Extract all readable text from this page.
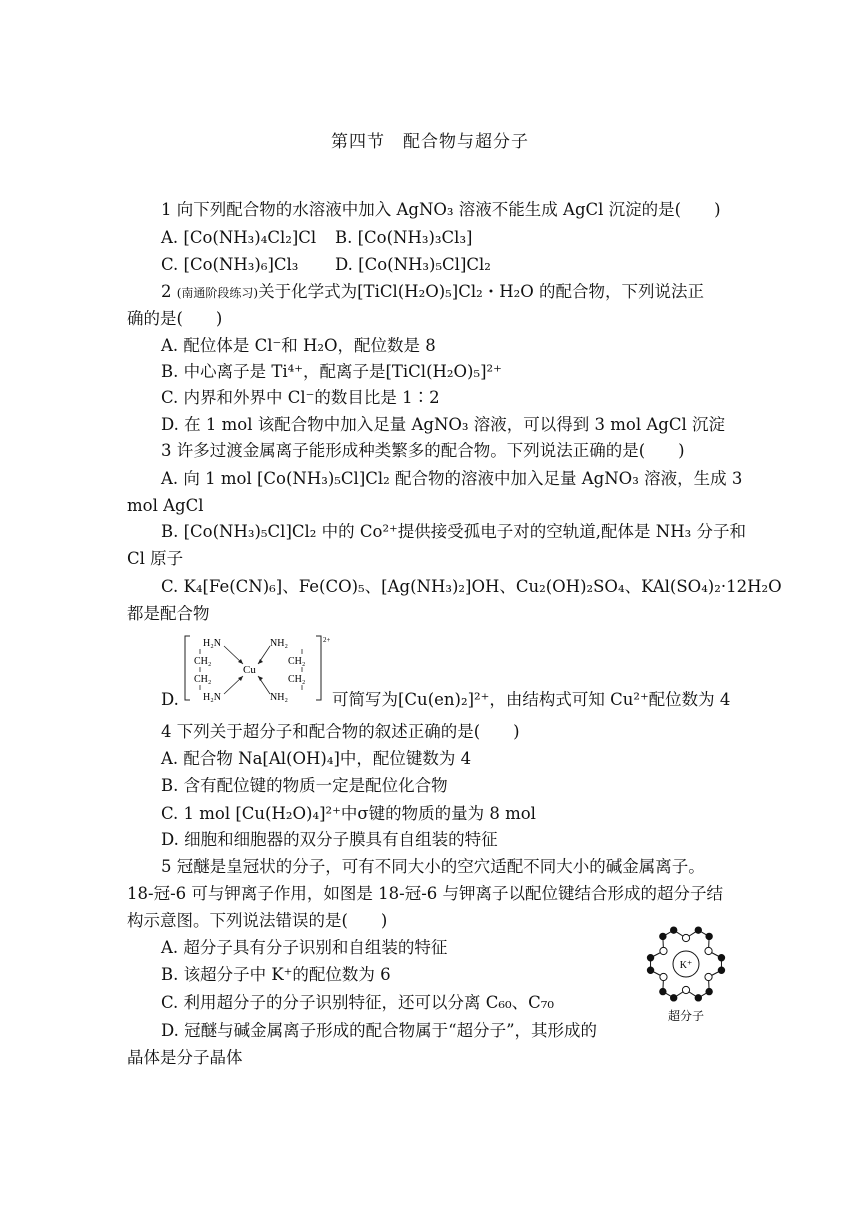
第四节　配合物与超分子
1 向下列配合物的水溶液中加入 AgNO₃ 溶液不能生成 AgCl 沉淀的是(　　)
A. [Co(NH₃)₄Cl₂]Cl B. [Co(NH₃)₃Cl₃]
C. [Co(NH₃)₆]Cl₃ D. [Co(NH₃)₅Cl]Cl₂
2 (南通阶段练习)关于化学式为[TiCl(H₂O)₅]Cl₂・H₂O 的配合物，下列说法正
确的是(　　)
A. 配位体是 Cl⁻和 H₂O，配位数是 8
B. 中心离子是 Ti⁴⁺，配离子是[TiCl(H₂O)₅]²⁺
C. 内界和外界中 Cl⁻的数目比是 1∶2
D. 在 1 mol 该配合物中加入足量 AgNO₃ 溶液，可以得到 3 mol AgCl 沉淀
3 许多过渡金属离子能形成种类繁多的配合物。下列说法正确的是(　　)
A. 向 1 mol [Co(NH₃)₅Cl]Cl₂ 配合物的溶液中加入足量 AgNO₃ 溶液，生成 3
mol AgCl
B. [Co(NH₃)₅Cl]Cl₂ 中的 Co²⁺提供接受孤电子对的空轨道,配体是 NH₃ 分子和
Cl 原子
C. K₄[Fe(CN)₆]、Fe(CO)₅、[Ag(NH₃)₂]OH、Cu₂(OH)₂SO₄、KAl(SO₄)₂·12H₂O
都是配合物
D.
2+
H₂N
CH₂
CH₂
H₂N
Cu
NH₂
CH₂
CH₂
NH₂	可简写为[Cu(en)₂]²⁺，由结构式可知 Cu²⁺配位数为 4
4 下列关于超分子和配合物的叙述正确的是(　　)
A. 配合物 Na[Al(OH)₄]中，配位键数为 4
B. 含有配位键的物质一定是配位化合物
C. 1 mol [Cu(H₂O)₄]²⁺中σ键的物质的量为 8 mol
D. 细胞和细胞器的双分子膜具有自组装的特征
5 冠醚是皇冠状的分子，可有不同大小的空穴适配不同大小的碱金属离子。
18-冠-6 可与钾离子作用，如图是 18-冠-6 与钾离子以配位键结合形成的超分子结
构示意图。下列说法错误的是(　　)
A. 超分子具有分子识别和自组装的特征
B. 该超分子中 K⁺的配位数为 6
C. 利用超分子的分子识别特征，还可以分离 C₆₀、C₇₀
D. 冠醚与碱金属离子形成的配合物属于“超分子”，其形成的
晶体是分子晶体
K⁺
超分子
